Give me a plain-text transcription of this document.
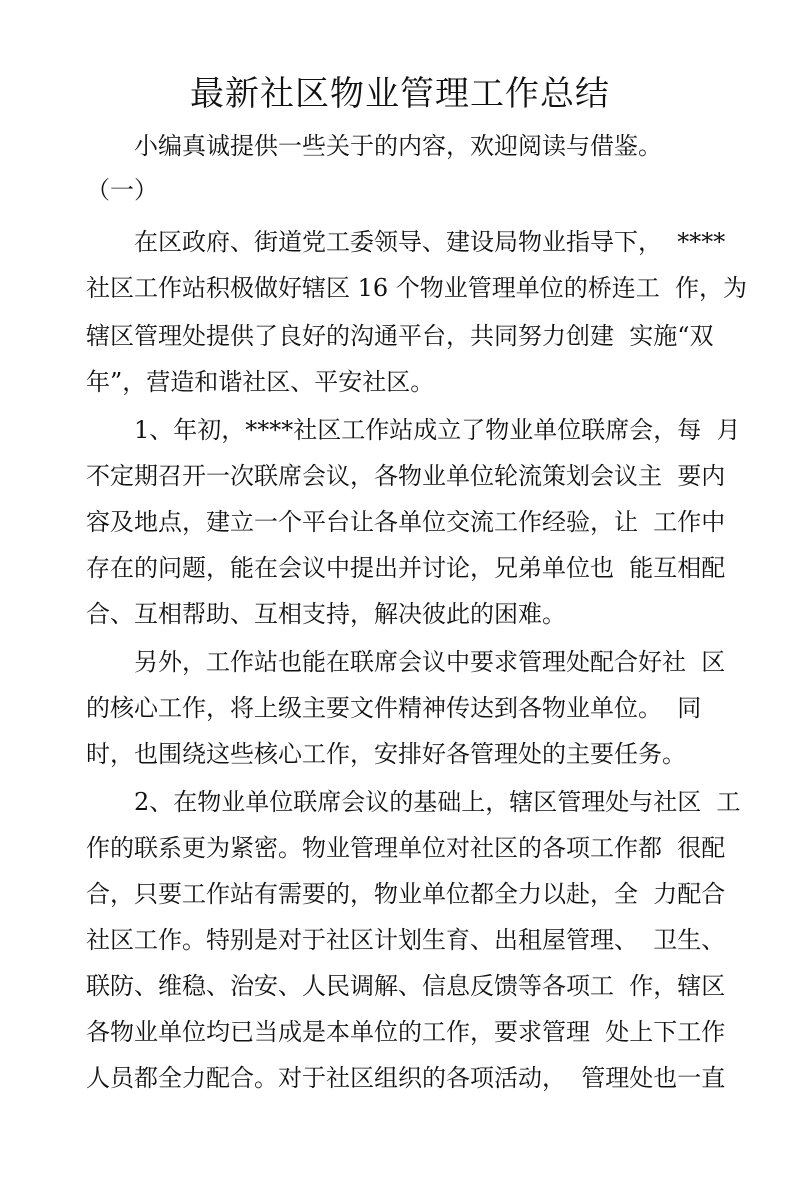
最新社区物业管理工作总结

小编真诚提供一些关于的内容，欢迎阅读与借鉴。

（一）

在区政府、街道党工委领导、建设局物业指导下，  ****

社区工作站积极做好辖区 16 个物业管理单位的桥连工  作，为

辖区管理处提供了良好的沟通平台，共同努力创建  实施“双

年”，营造和谐社区、平安社区。

1、年初，****社区工作站成立了物业单位联席会，每  月

不定期召开一次联席会议，各物业单位轮流策划会议主  要内

容及地点，建立一个平台让各单位交流工作经验，让  工作中

存在的问题，能在会议中提出并讨论，兄弟单位也  能互相配

合、互相帮助、互相支持，解决彼此的困难。

另外，工作站也能在联席会议中要求管理处配合好社  区

的核心工作，将上级主要文件精神传达到各物业单位。  同

时，也围绕这些核心工作，安排好各管理处的主要任务。

2、在物业单位联席会议的基础上，辖区管理处与社区  工

作的联系更为紧密。物业管理单位对社区的各项工作都  很配

合，只要工作站有需要的，物业单位都全力以赴，全  力配合

社区工作。特别是对于社区计划生育、出租屋管理、  卫生、

联防、维稳、治安、人民调解、信息反馈等各项工  作，辖区

各物业单位均已当成是本单位的工作，要求管理  处上下工作

人员都全力配合。对于社区组织的各项活动，  管理处也一直
